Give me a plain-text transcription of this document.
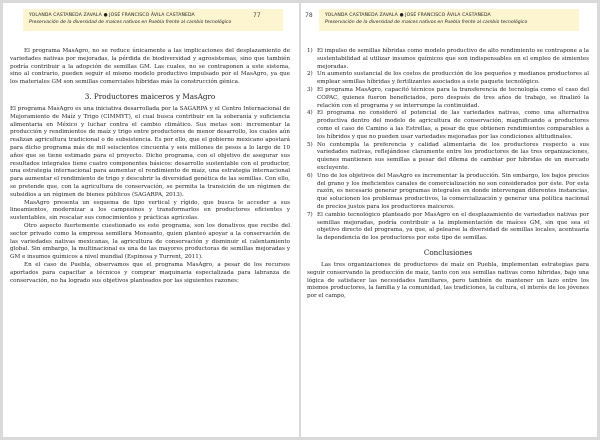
YOLANDA CASTAÑEDA ZAVALA ● JOSÉ FRANCISCO ÁVILA CASTAÑEDA
Preservación de la diversidad de maíces nativos en Puebla frente al cambio tecnológico
77

El programa MasAgro, no se reduce únicamente a las implicaciones del desplazamiento de variedades nativas por mejoradas, la pérdida de biodiversidad y agrosistemas, sino que también podría contribuir a la adopción de semillas GM. Las cuales, no se contraponen a este sistema, sino al contrario, pueden seguir el mismo modelo productivo impulsado por el MasAgro, ya que los materiales GM son semillas comerciales híbridas más la construcción génica.

3. Productores maiceros y MasAgro

El programa MasAgro es una iniciativa desarrollada por la SAGARPA y el Centro Internacional de Mejoramiento de Maíz y Trigo (CIMMYT), el cual busca contribuir en la soberanía y suficiencia alimentaria en México y luchar contra el cambio climático. Sus metas son: incrementar la producción y rendimientos de maíz y trigo entre productores de menor desarrollo, los cuales aún realizan agricultura tradicional o de subsistencia. Es por ello, que el gobierno mexicano apostará para dicho programa más de mil seiscientos cincuenta y seis millones de pesos a lo largo de 10 años que se tiene estimado para el proyecto. Dicho programa, con el objetivo de asegurar sus resultados integrales tiene cuatro componentes básicos: desarrollo sustentable con el productor, una estrategia internacional para aumentar el rendimiento de maíz, una estrategia internacional para aumentar el rendimiento de trigo y descubrir la diversidad genética de las semillas. Con ello, se pretende que, con la agricultura de conservación, se permita la transición de un régimen de subsidios a un régimen de bienes públicos (SAGARPA, 2013).

MasAgro presenta un esquema de tipo vertical y rígido, que busca le acceder a sus lineamientos, modernizar a los campesinos y transformarlos en productores eficientes y sustentables, sin rescatar sus conocimientos y prácticas agrícolas.

Otro aspecto fuertemente cuestionado es este programa, son los donativos que recibe del sector privado como la empresa semillera Monsanto, quien planteó apoyar a la conservación de las variedades nativas mexicanas, la agricultura de conservación y disminuir el calentamiento global. Sin embargo, la multinacional es una de las mayores productoras de semillas mejoradas y GM e insumos químicos a nivel mundial (Espinosa y Turrent, 2011).

En el caso de Puebla, observamos que el programa MasAgro, a pesar de los recursos aportados para capacitar a técnicos y comprar maquinaria especializada para labranza de conservación, no ha logrado sus objetivos planteados por las siguientes razones:

78	YOLANDA CASTAÑEDA ZAVALA ● JOSÉ FRANCISCO ÁVILA CASTAÑEDA
Preservación de la diversidad de maíces nativos en Puebla frente al cambio tecnológico
1) El impulso de semillas híbridas como modelo productivo de alto rendimiento se contrapone a la sustentabilidad al utilizar insumos químicos que son indispensables en el empleo de simientes mejoradas.
2) Un aumento sustancial de los costos de producción de los pequeños y medianos productores al emplear semillas híbridas y fertilizantes asociados a este paquete tecnológico.
3) El programa MasAgro, capacitó técnicos para la transferencia de tecnología como el caso del COPAC, quienes fueron beneficiados, pero después de tres años de trabajo, se finalizó la relación con el programa y se interrumpe la continuidad.
4) El programa no consideró el potencial de las variedades nativas, como una alternativa productiva dentro del modelo de agricultura de conservación, magnificando a productores como el caso de Camino a las Estrellas, a pesar de que obtienen rendimientos comparables a los híbridos y que no pueden usar variedades mejoradas por las condiciones altitudinales.
5) No contempla la preferencia y calidad alimentaria de los productores respecto a sus variedades nativas, reflejándose claramente entre los productores de las tres organizaciones, quienes mantienen sus semillas a pesar del dilema de cambiar por híbridas de un mercado excluyente.
6) Uno de los objetivos del MasAgro es incrementar la producción. Sin embargo, los bajos precios del grano y los ineficientes canales de comercialización no son considerados por éste. Por esta razón, es necesario generar programas integrales en donde intervengan diferentes instancias, que solucionen los problemas productivos, la comercialización y generar una política nacional de precios justos para los productores maiceros.
7) El cambio tecnológico planteado por MasAgro en el desplazamiento de variedades nativas por semillas mejoradas, podría contribuir a la implementación de maíces GM, sin que sea el objetivo directo del programa, ya que, al pelearse la diversidad de semillas locales, acentuaría la dependencia de los productores por este tipo de semillas.
Conclusiones

Las tres organizaciones de productores de maíz en Puebla, implementan estrategias para seguir conservando la producción de maíz, tanto con sus semillas nativas como híbridas, bajo una lógica de satisfacer las necesidades familiares, pero también de mantener un lazo entre los mismos productores, la familia y la comunidad, las tradiciones, la cultura, el interés de los jóvenes por el campo,
